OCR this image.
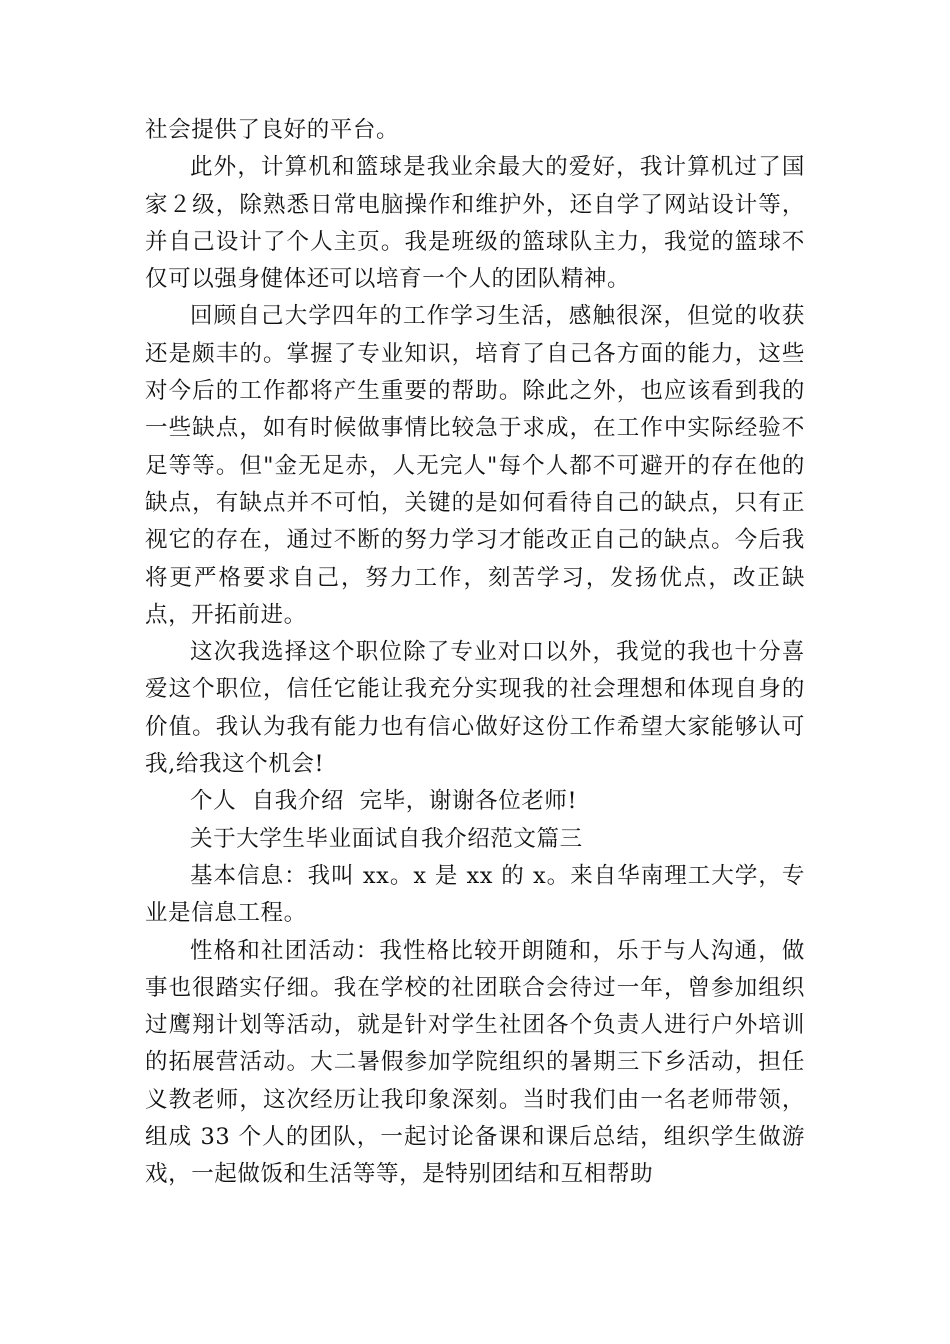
社会提供了良好的平台。

此外，计算机和篮球是我业余最大的爱好，我计算机过了国家２级，除熟悉日常电脑操作和维护外，还自学了网站设计等，并自己设计了个人主页。我是班级的篮球队主力，我觉的篮球不仅可以强身健体还可以培育一个人的团队精神。

回顾自己大学四年的工作学习生活，感触很深，但觉的收获还是颇丰的。掌握了专业知识，培育了自己各方面的能力，这些对今后的工作都将产生重要的帮助。除此之外，也应该看到我的一些缺点，如有时候做事情比较急于求成，在工作中实际经验不足等等。但"金无足赤，人无完人"每个人都不可避开的存在他的缺点，有缺点并不可怕，关键的是如何看待自己的缺点，只有正视它的存在，通过不断的努力学习才能改正自己的缺点。今后我将更严格要求自己，努力工作，刻苦学习，发扬优点，改正缺点，开拓前进。

这次我选择这个职位除了专业对口以外，我觉的我也十分喜爱这个职位，信任它能让我充分实现我的社会理想和体现自身的价值。我认为我有能力也有信心做好这份工作希望大家能够认可我,给我这个机会!

个人  自我介绍  完毕，谢谢各位老师!

关于大学生毕业面试自我介绍范文篇三

基本信息：我叫 xx。x 是 xx 的 x。来自华南理工大学，专业是信息工程。

性格和社团活动：我性格比较开朗随和，乐于与人沟通，做事也很踏实仔细。我在学校的社团联合会待过一年，曾参加组织过鹰翔计划等活动，就是针对学生社团各个负责人进行户外培训的拓展营活动。大二暑假参加学院组织的暑期三下乡活动，担任义教老师，这次经历让我印象深刻。当时我们由一名老师带领，组成 33 个人的团队，一起讨论备课和课后总结，组织学生做游戏，一起做饭和生活等等，是特别团结和互相帮助
